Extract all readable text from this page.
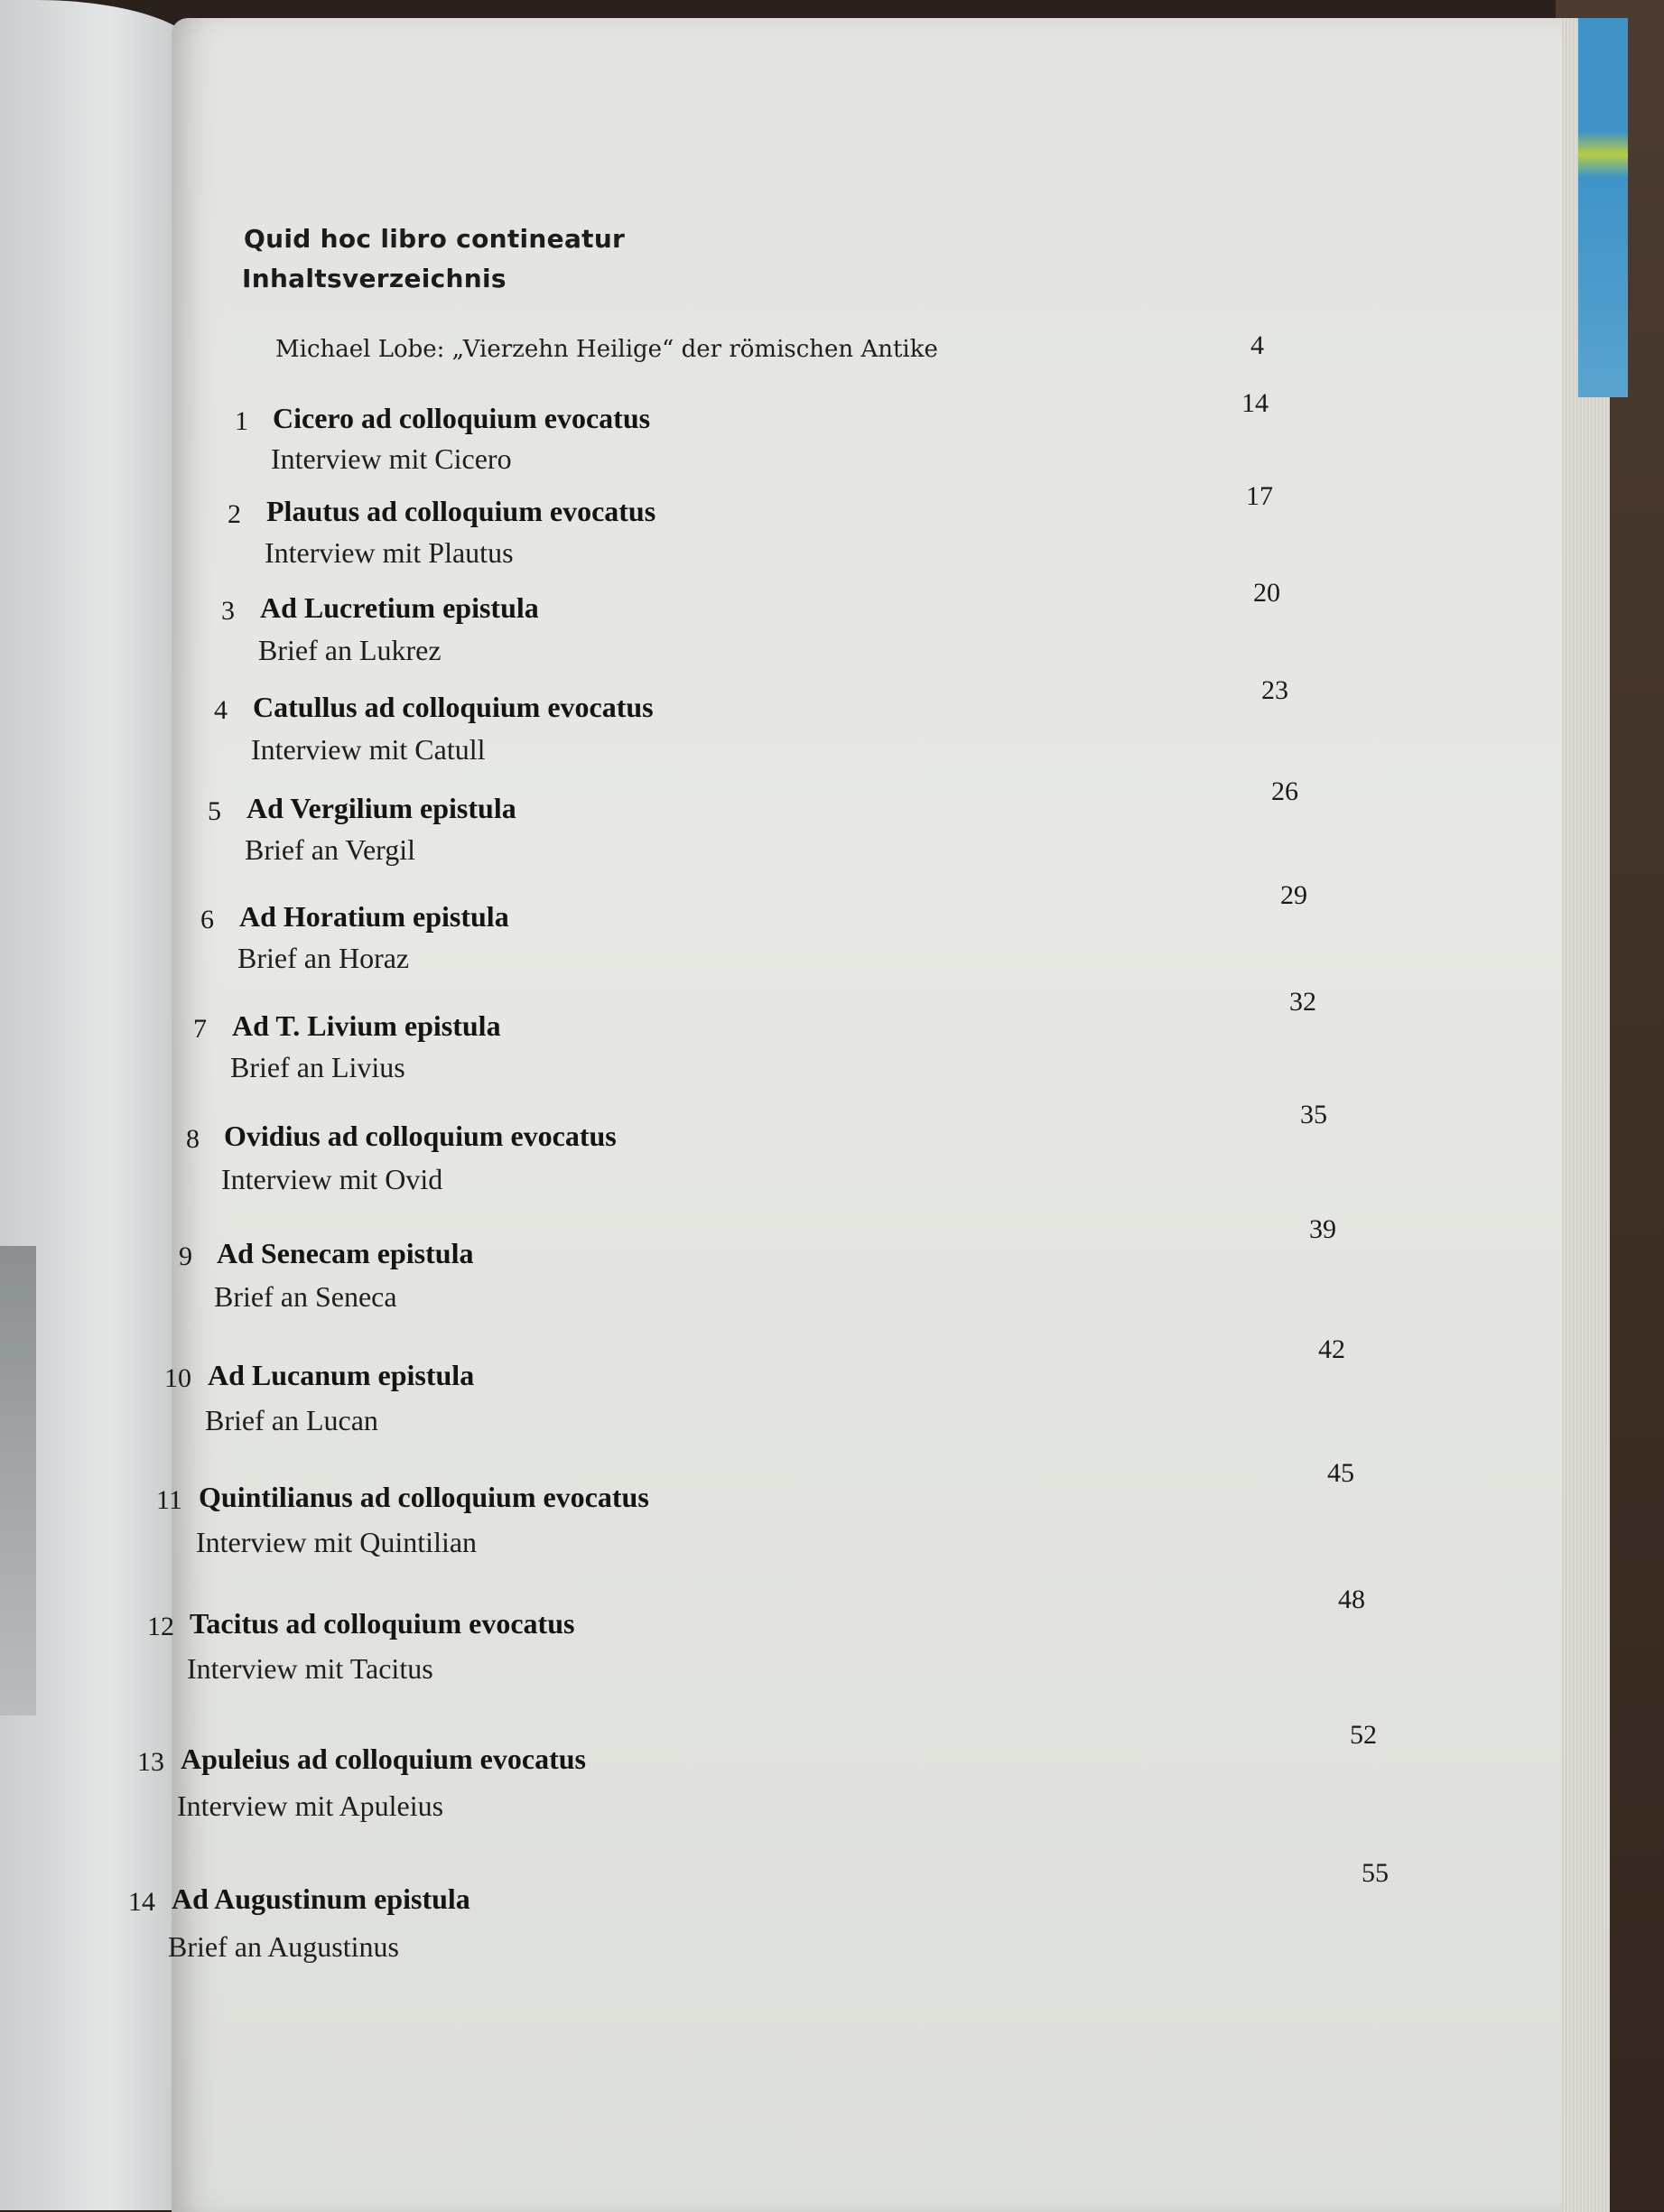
Quid hoc libro contineatur
Inhaltsverzeichnis
Michael Lobe: „Vierzehn Heilige“ der römischen Antike	4
1 Cicero ad colloquium evocatus
Interview mit Cicero
14
2 Plautus ad colloquium evocatus
Interview mit Plautus
17
3 Ad Lucretium epistula
Brief an Lukrez
20
4 Catullus ad colloquium evocatus
Interview mit Catull
23
5 Ad Vergilium epistula
Brief an Vergil
26
6 Ad Horatium epistula
Brief an Horaz
29
7 Ad T. Livium epistula
Brief an Livius
32
8 Ovidius ad colloquium evocatus
Interview mit Ovid
35
9 Ad Senecam epistula
Brief an Seneca
39
10 Ad Lucanum epistula
Brief an Lucan
42
11 Quintilianus ad colloquium evocatus
Interview mit Quintilian
45
12 Tacitus ad colloquium evocatus
Interview mit Tacitus
48
13 Apuleius ad colloquium evocatus
Interview mit Apuleius
52
14 Ad Augustinum epistula
Brief an Augustinus
55
